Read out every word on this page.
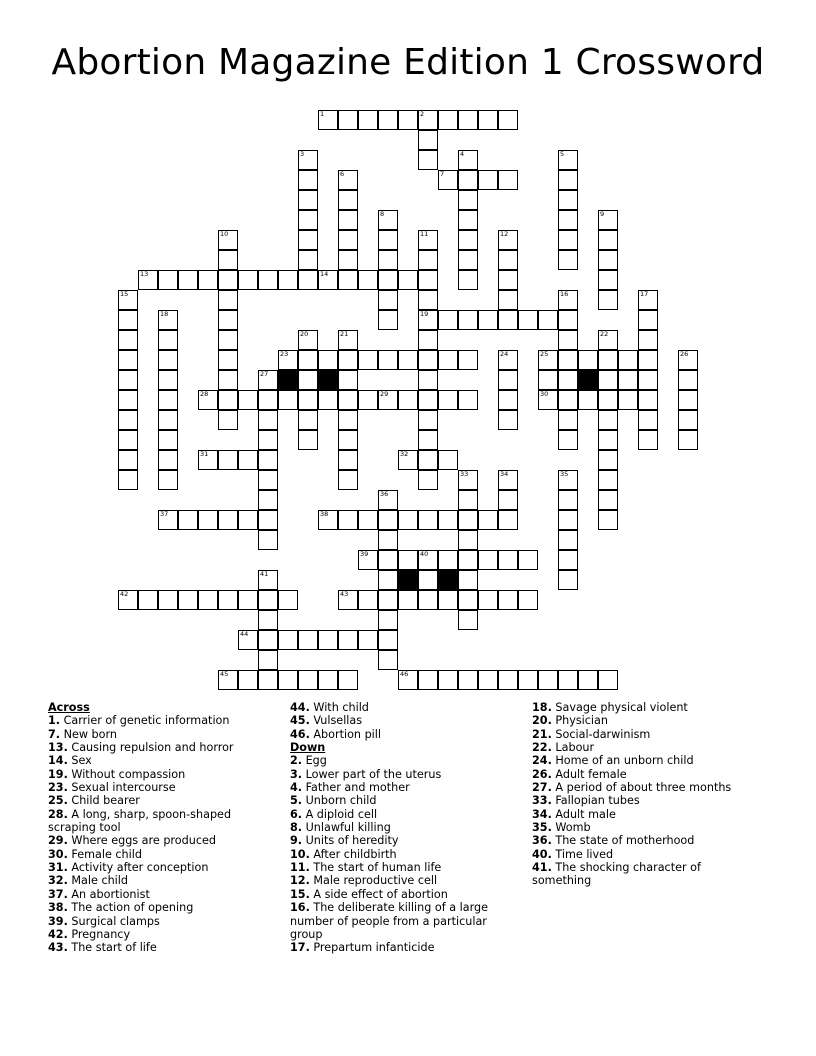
Abortion Magazine Edition 1 Crossword
1	2
3
6	7
4	5
8	9
10	11	12
13	14
15	16	17
18	19
20	21	22
23	24	25	26
27
28	29	30
31	32
33	34	35
36
37	38
39	40
41
42	43
44
45	46
Across
1. Carrier of genetic information
7. New born
13. Causing repulsion and horror
14. Sex
19. Without compassion
23. Sexual intercourse
25. Child bearer
28. A long, sharp, spoon-shaped scraping tool
29. Where eggs are produced
30. Female child
31. Activity after conception
32. Male child
37. An abortionist
38. The action of opening
39. Surgical clamps
42. Pregnancy
43. The start of life
44. With child
45. Vulsellas
46. Abortion pill
Down
2. Egg
3. Lower part of the uterus
4. Father and mother
5. Unborn child
6. A diploid cell
8. Unlawful killing
9. Units of heredity
10. After childbirth
11. The start of human life
12. Male reproductive cell
15. A side effect of abortion
16. The deliberate killing of a large number of people from a particular group
17. Prepartum infanticide
18. Savage physical violent
20. Physician
21. Social-darwinism
22. Labour
24. Home of an unborn child
26. Adult female
27. A period of about three months
33. Fallopian tubes
34. Adult male
35. Womb
36. The state of motherhood
40. Time lived
41. The shocking character of something
